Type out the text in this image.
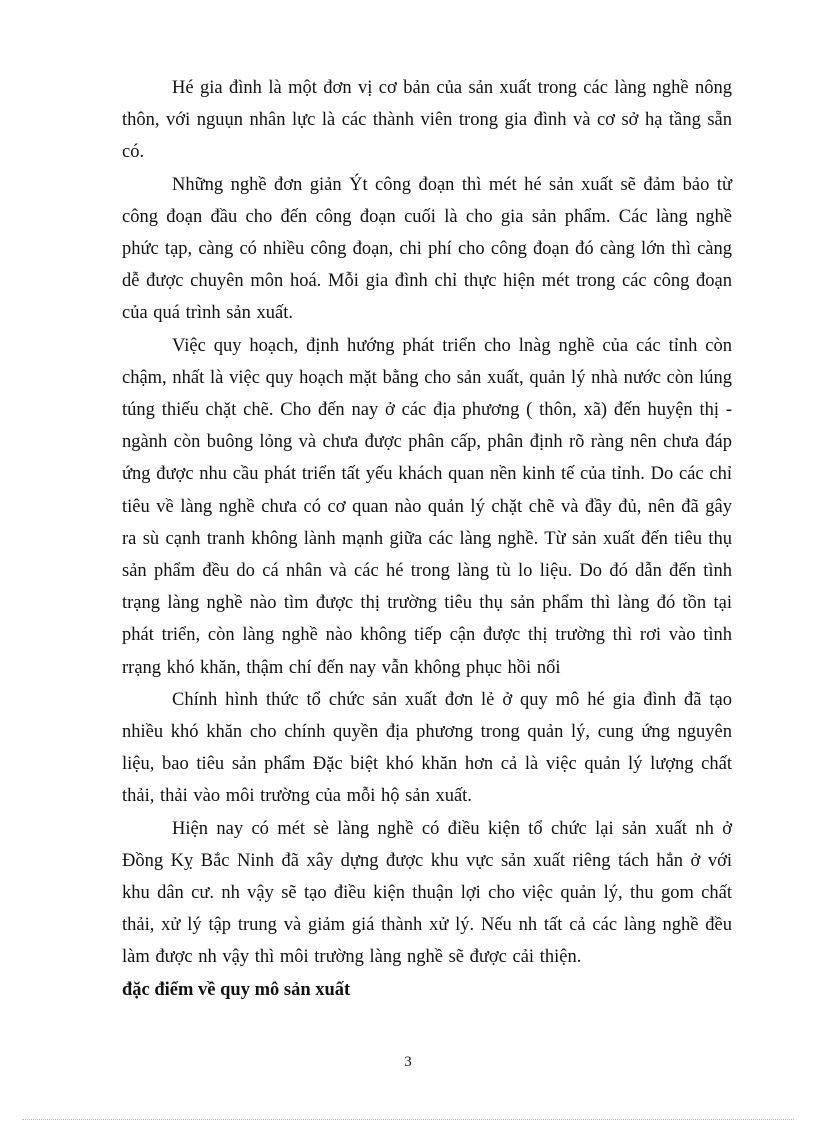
Hé gia đình là một đơn vị cơ bản của sản xuất trong các làng nghề nông thôn, với nguụn nhân lực là các thành viên trong gia đình và cơ sở hạ tầng sẵn có.

Những nghề đơn giản Ýt công đoạn thì mét hé sản xuất sẽ đảm bảo từ công đoạn đầu cho đến công đoạn cuối là cho gia sản phẩm. Các làng nghề phức tạp, càng có nhiều công đoạn, chi phí cho công đoạn đó càng lớn thì càng dễ được chuyên môn hoá. Mỗi gia đình chỉ thực hiện mét trong các công đoạn của quá trình sản xuất.

Việc quy hoạch, định hướng phát triển cho lnàg nghề của các tỉnh còn chậm, nhất là việc quy hoạch mặt bằng cho sản xuất, quản lý nhà nước còn lúng túng thiếu chặt chẽ. Cho đến nay ở các địa phương ( thôn, xã) đến huyện thị - ngành còn buông lỏng và chưa được phân cấp, phân định rõ ràng nên chưa đáp ứng được nhu cầu phát triển tất yếu khách quan nền kinh tế của tỉnh. Do các chỉ tiêu về làng nghề chưa có cơ quan nào quản lý chặt chẽ và đầy đủ, nên đã gây ra sù cạnh tranh không lành mạnh giữa các làng nghề. Từ sản xuất đến tiêu thụ sản phẩm đều do cá nhân và các hé trong làng tù lo liệu. Do đó dẫn đến tình trạng làng nghề nào tìm được thị trường tiêu thụ sản phẩm thì làng đó tồn tại phát triển, còn làng nghề nào không tiếp cận được thị trường thì rơi vào tình rrạng khó khăn, thậm chí đến nay vẫn không phục hồi nổi

Chính hình thức tổ chức sản xuất đơn lẻ ở quy mô hé gia đình đã tạo nhiều khó khăn cho chính quyền địa phương trong quản lý, cung ứng nguyên liệu, bao tiêu sản phẩm Đặc biệt khó khăn hơn cả là việc quản lý lượng chất thải, thải vào môi trường của mỗi hộ sản xuất.

Hiện nay có mét sè làng nghề có điều kiện tổ chức lại sản xuất nh ở Đồng Kỵ Bắc Ninh đã xây dựng được khu vực sản xuất riêng tách hẳn ở với khu dân cư. nh vậy sẽ tạo điều kiện thuận lợi cho việc quản lý, thu gom chất thải, xử lý tập trung và giảm giá thành xử lý. Nếu nh tất cả các làng nghề đều làm được nh vậy thì môi trường làng nghề sẽ được cải thiện.

đặc điểm về quy mô sản xuất

3
